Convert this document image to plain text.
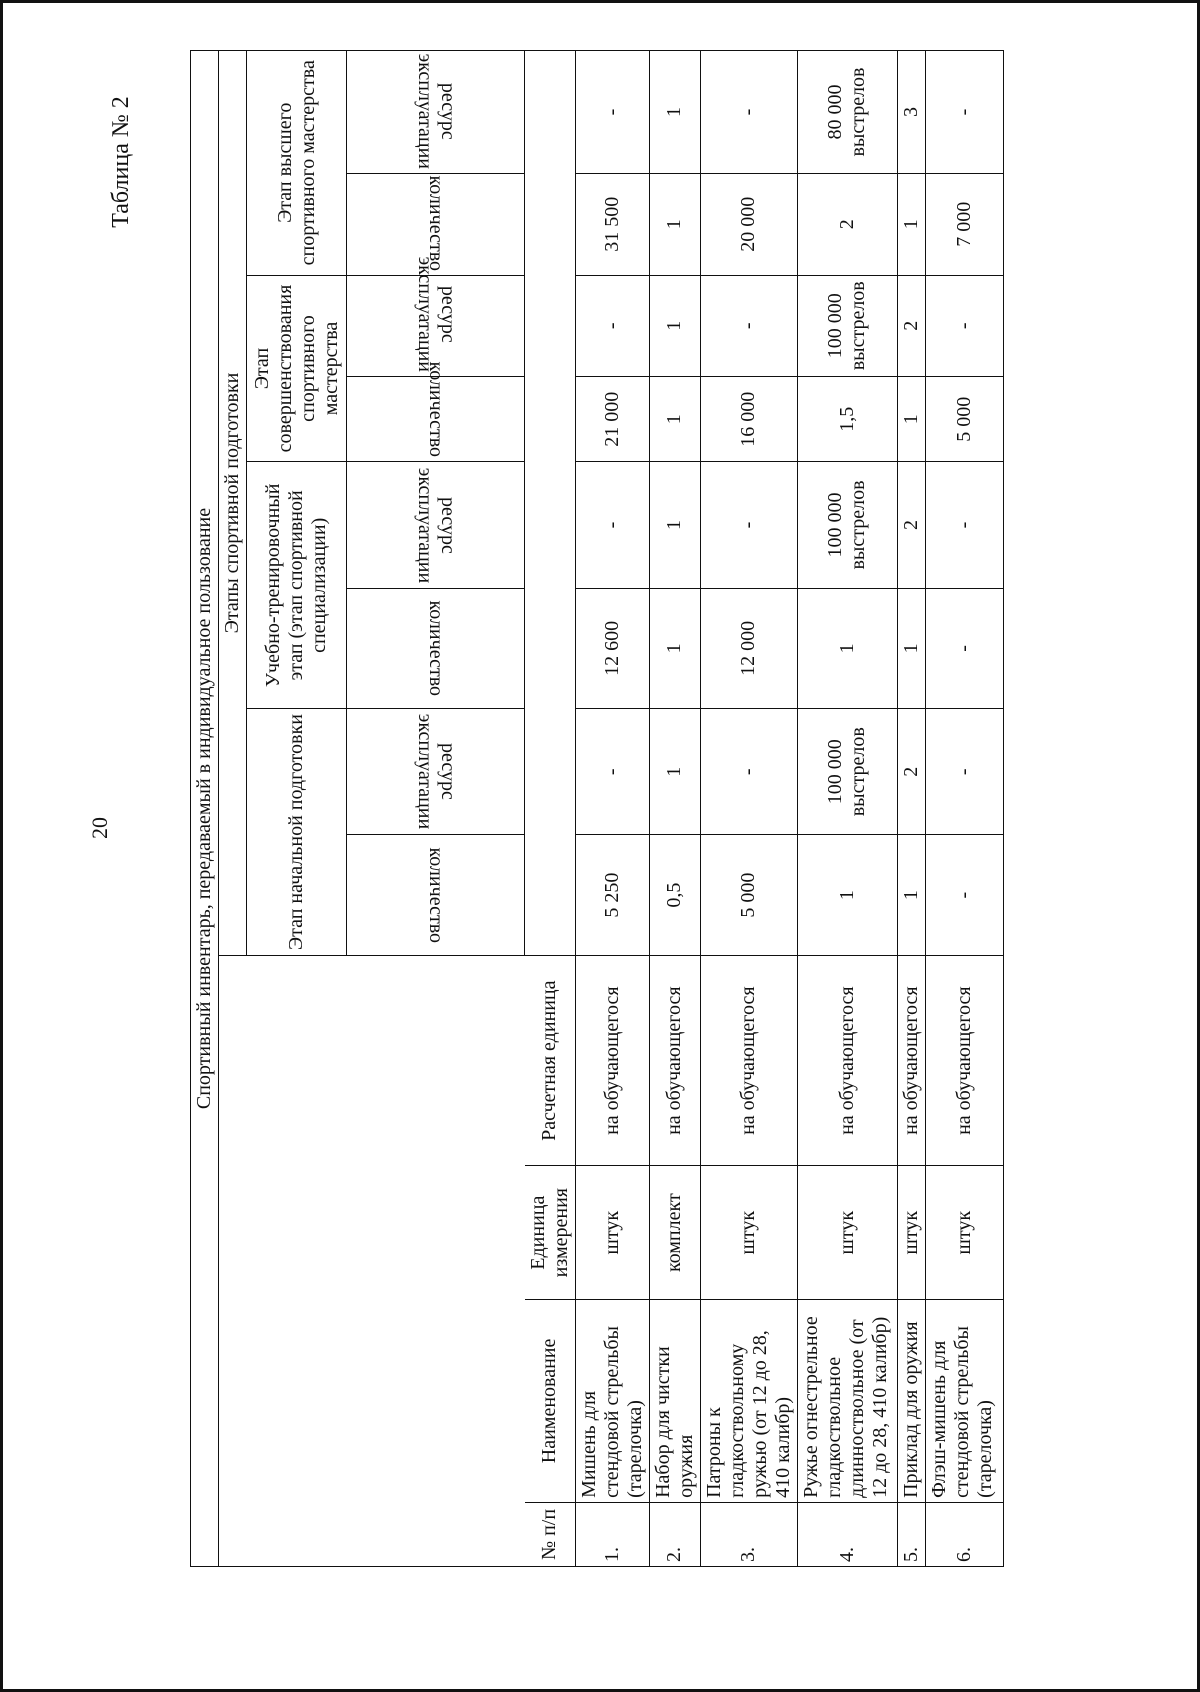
20
Таблица № 2
Спортивный инвентарь, передаваемый в индивидуальное пользование											
				Этапы спортивной подготовки							
				Этап начальной подготовки		Учебно-тренировочный этап (этап спортивной специализации)		Этап совершенствования спортивного мастерства		Этап высшего спортивного мастерства	
				количество	ресурс эксплуатации	количество	ресурс эксплуатации	количество	ресурс эксплуатации	количество	ресурс эксплуатации
№ п/п	Наименование	Единица измерения	Расчетная единица								
1.	Мишень для стендовой стрельбы (тарелочка)	штук	на обучающегося	5 250	-	12 600	-	21 000	-	31 500	-
2.	Набор для чистки оружия	комплект	на обучающегося	0,5	1	1	1	1	1	1	1
3.	Патроны к гладкоствольному ружью (от 12 до 28, 410 калибр)	штук	на обучающегося	5 000	-	12 000	-	16 000	-	20 000	-
4.	Ружье огнестрельное гладкоствольное длинноствольное (от 12 до 28, 410 калибр)	штук	на обучающегося	1	100 000 выстрелов	1	100 000 выстрелов	1,5	100 000 выстрелов	2	80 000 выстрелов
5.	Приклад для оружия	штук	на обучающегося	1	2	1	2	1	2	1	3
6.	Флэш-мишень для стендовой стрельбы (тарелочка)	штук	на обучающегося	-	-	-	-	5 000	-	7 000	-
